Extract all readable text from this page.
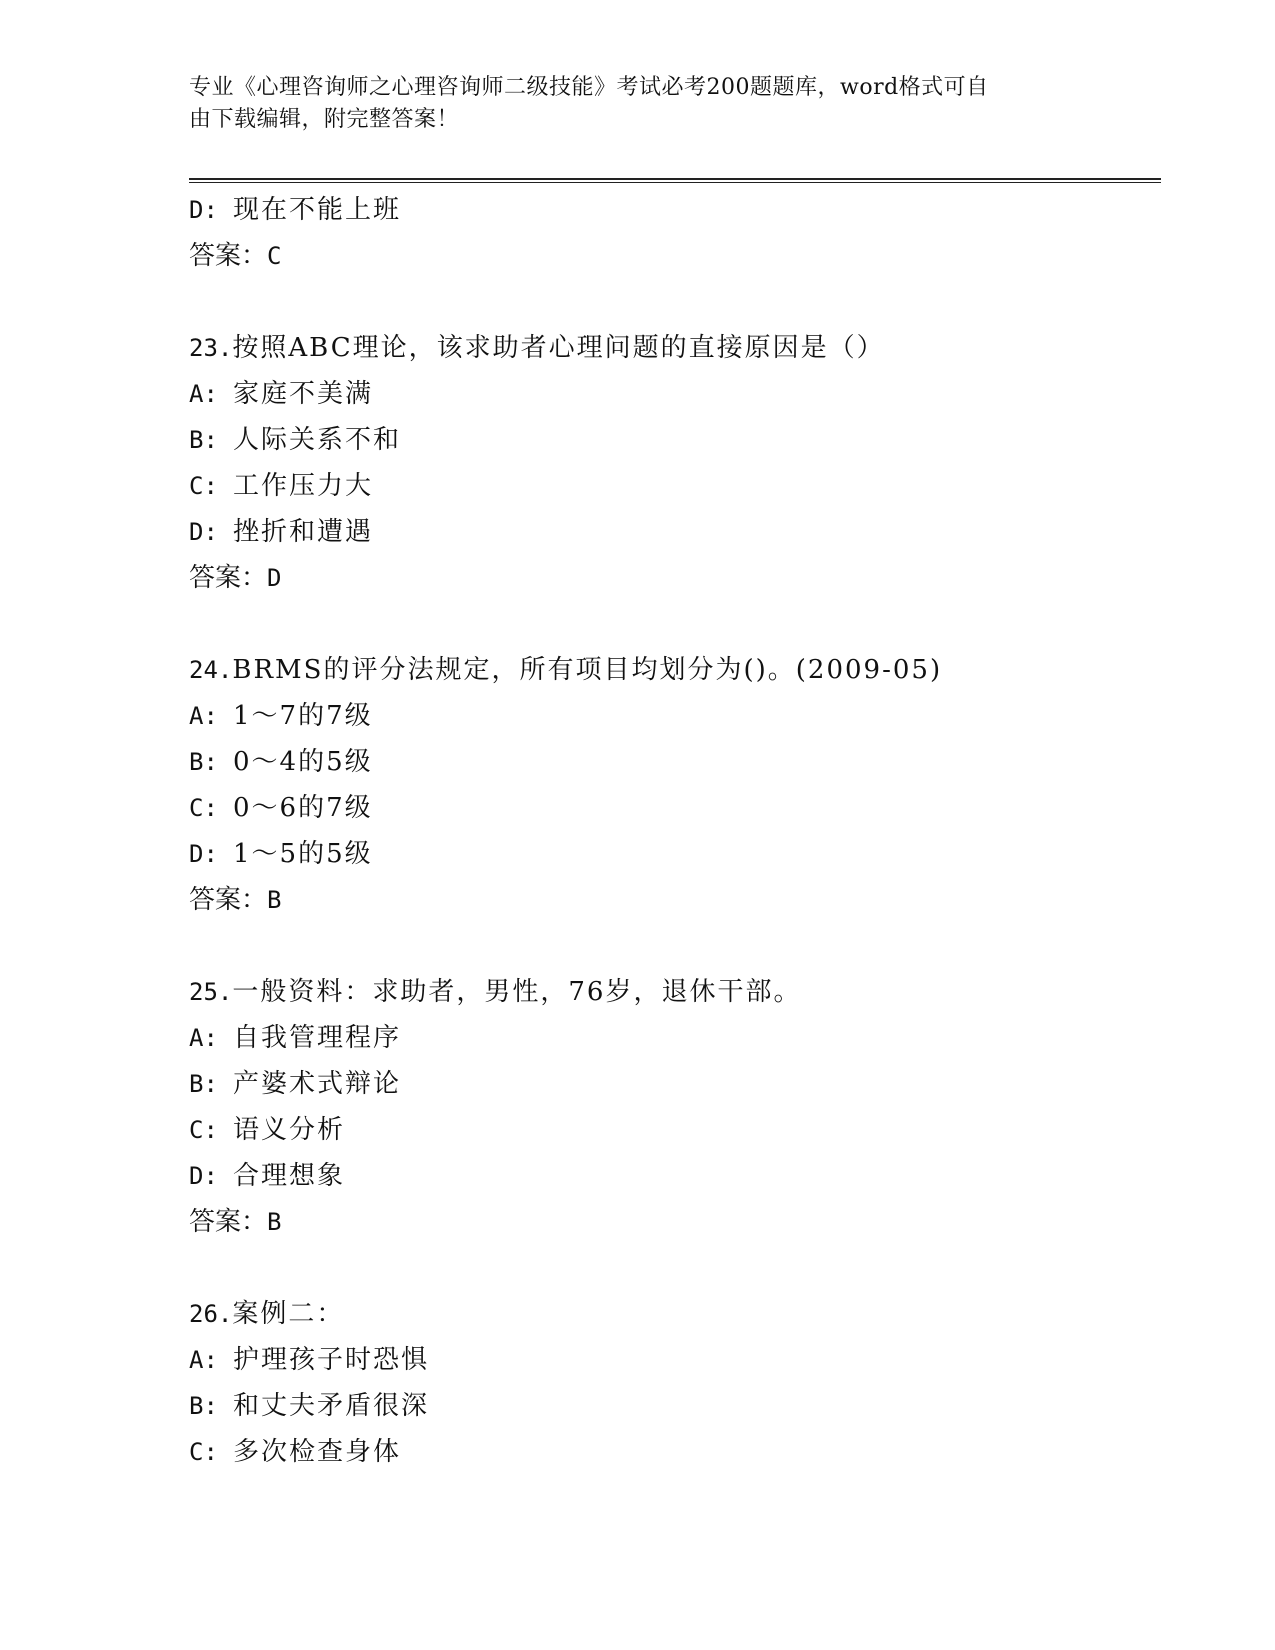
专业《心理咨询师之心理咨询师二级技能》考试必考200题题库，word格式可自
由下载编辑，附完整答案！
D: 现在不能上班
答案：C
23.按照ABC理论，该求助者心理问题的直接原因是（）
A: 家庭不美满
B: 人际关系不和
C: 工作压力大
D: 挫折和遭遇
答案：D
24.BRMS的评分法规定，所有项目均划分为()。(2009-05)
A: 1～7的7级
B: 0～4的5级
C: 0～6的7级
D: 1～5的5级
答案：B
25.一般资料：求助者，男性，76岁，退休干部。
A: 自我管理程序
B: 产婆术式辩论
C: 语义分析
D: 合理想象
答案：B
26.案例二：
A: 护理孩子时恐惧
B: 和丈夫矛盾很深
C: 多次检查身体
